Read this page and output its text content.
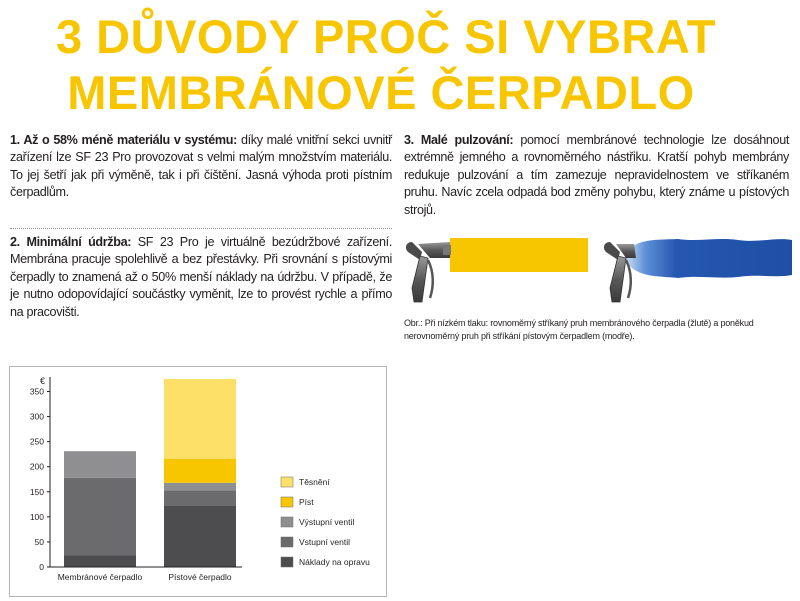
3 DŮVODY PROČ SI VYBRAT
MEMBRÁNOVÉ ČERPADLO
1. Až o 58% méně materiálu v systému: díky malé vnitřní sekci uvnitř zařízení lze SF 23 Pro provozovat s velmi malým množstvím materiálu. To jej šetří jak při výměně, tak i při čištění. Jasná výhoda proti pístním čerpadlům.
2. Minimální údržba: SF 23 Pro je virtuálně bezúdržbové zařízení. Membrána pracuje spolehlivě a bez přestávky. Při srovnání s pístovými čerpadly to znamená až o 50% menší náklady na údržbu. V případě, že je nutno odopovídající součástky vyměnit, lze to provést rychle a přímo na pracovišti.
3. Malé pulzování: pomocí membránové technologie lze dosáhnout extrémně jemného a rovnoměrného nástřiku. Kratší pohyb membrány redukuje pulzování a tím zamezuje nepravidelnostem ve stříkaném pruhu. Navíc zcela odpadá bod změny pohybu, který známe u pístových strojů.
Obr.: Při nízkém tlaku: rovnoměrný stříkaný pruh membránového čerpadla (žlutě) a poněkud nerovnoměrný pruh při stříkání pístovým čerpadlem (modře).
€
0
50
100
150
200
250
300
350
Membránové čerpadlo	Pístové čerpadlo
Těsnění
Píst
Výstupní ventil
Vstupní ventil
Náklady na opravu
